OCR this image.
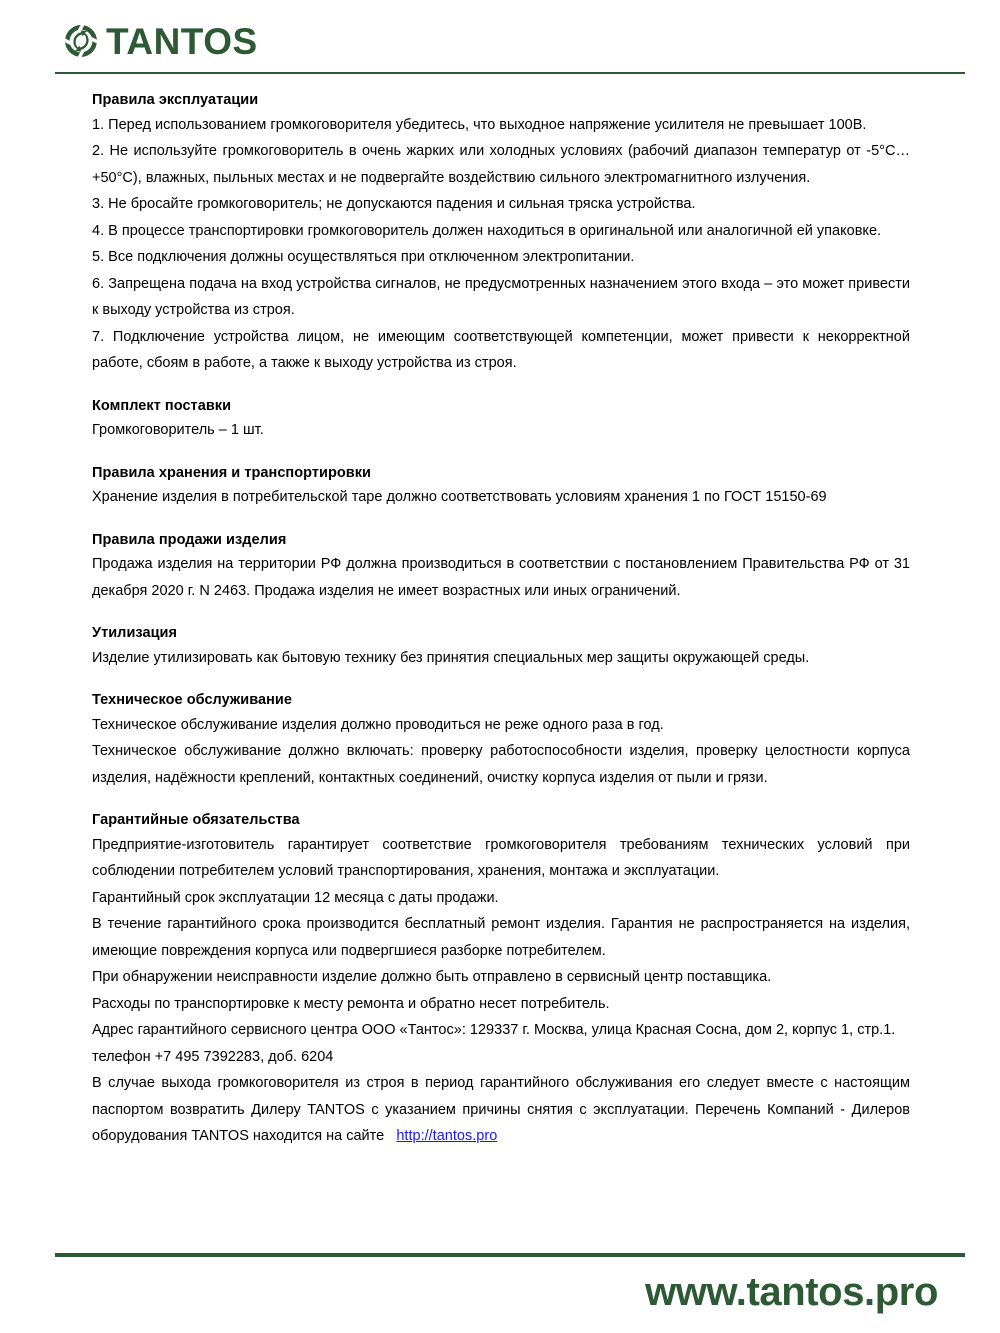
TANTOS
Правила эксплуатации

1. Перед использованием громкоговорителя убедитесь, что выходное напряжение усилителя не превышает 100В.

2. Не используйте громкоговоритель в очень жарких или холодных условиях (рабочий диапазон температур от -5°C…+50°C), влажных, пыльных местах и не подвергайте воздействию сильного электромагнитного излучения.

3. Не бросайте громкоговоритель; не допускаются падения и сильная тряска устройства.

4. В процессе транспортировки громкоговоритель должен находиться в оригинальной или аналогичной ей упаковке.

5. Все подключения должны осуществляться при отключенном электропитании.

6. Запрещена подача на вход устройства сигналов, не предусмотренных назначением этого входа – это может привести к выходу устройства из строя.

7. Подключение устройства лицом, не имеющим соответствующей компетенции, может привести к некорректной работе, сбоям в работе, а также к выходу устройства из строя.

Комплект поставки

Громкоговоритель – 1 шт.

Правила хранения и транспортировки

Хранение изделия в потребительской таре должно соответствовать условиям хранения 1 по ГОСТ 15150-69

Правила продажи изделия

Продажа изделия на территории РФ должна производиться в соответствии с постановлением Правительства РФ от 31 декабря 2020 г. N 2463. Продажа изделия не имеет возрастных или иных ограничений.

Утилизация

Изделие утилизировать как бытовую технику без принятия специальных мер защиты окружающей среды.

Техническое обслуживание

Техническое обслуживание изделия должно проводиться не реже одного раза в год.

Техническое обслуживание должно включать: проверку работоспособности изделия, проверку целостности корпуса изделия, надёжности креплений, контактных соединений, очистку корпуса изделия от пыли и грязи.

Гарантийные обязательства

Предприятие-изготовитель гарантирует соответствие громкоговорителя требованиям технических условий при соблюдении потребителем условий транспортирования, хранения, монтажа и эксплуатации.

Гарантийный срок эксплуатации 12 месяца с даты продажи.

В течение гарантийного срока производится бесплатный ремонт изделия. Гарантия не распространяется на изделия, имеющие повреждения корпуса или подвергшиеся разборке потребителем.

При обнаружении неисправности изделие должно быть отправлено в сервисный центр поставщика.

Расходы по транспортировке к месту ремонта и обратно несет потребитель.

Адрес гарантийного сервисного центра ООО «Тантос»: 129337 г. Москва, улица Красная Сосна, дом 2, корпус 1, стр.1. телефон +7 495 7392283, доб. 6204

В случае выхода громкоговорителя из строя в период гарантийного обслуживания его следует вместе с настоящим паспортом возвратить Дилеру TANTOS с указанием причины снятия с эксплуатации. Перечень Компаний - Дилеров оборудования TANTOS находится на сайте   http://tantos.pro

www.tantos.pro
